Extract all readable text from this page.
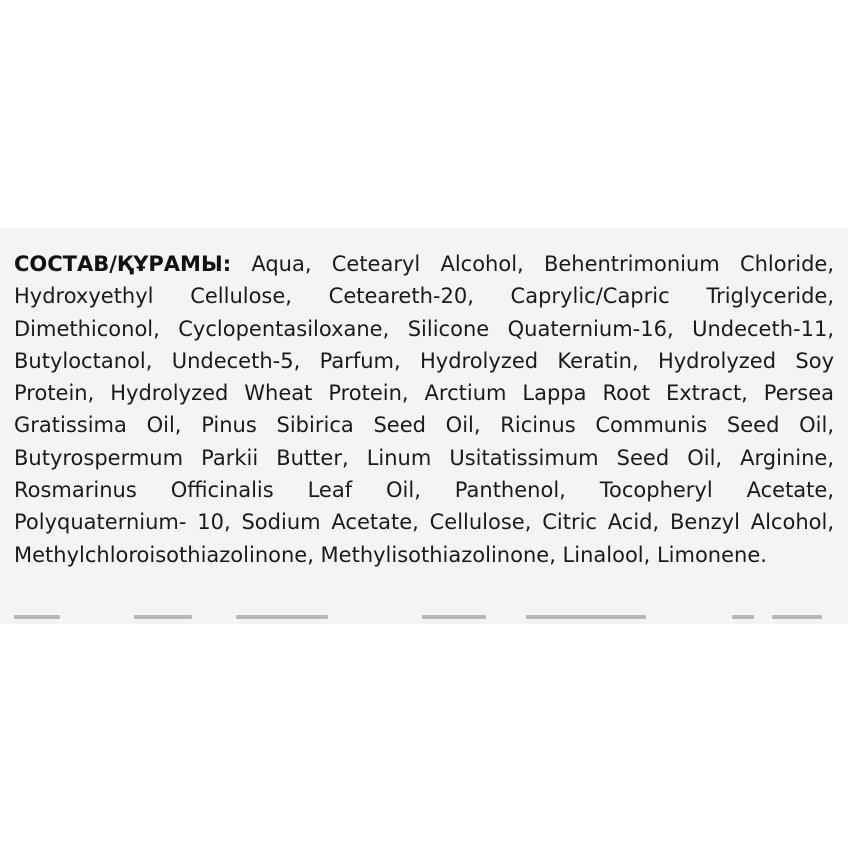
СОСТАВ/ҚҰРАМЫ: Aqua, Cetearyl Alcohol, Behentrimonium Chloride, Hydroxyethyl Cellulose, Ceteareth-20, Caprylic/Capric Triglyceride, Dimethiconol, Cyclopentasiloxane, Silicone Quaternium-16, Undeceth-11, Butyloctanol, Undeceth-5, Parfum, Hydrolyzed Keratin, Hydrolyzed Soy Protein, Hydrolyzed Wheat Protein, Arctium Lappa Root Extract, Persea Gratissima Oil, Pinus Sibirica Seed Oil, Ricinus Communis Seed Oil, Butyrospermum Parkii Butter, Linum Usitatissimum Seed Oil, Arginine, Rosmarinus Officinalis Leaf Oil, Panthenol, Tocopheryl Acetate, Polyquaternium- 10, Sodium Acetate, Cellulose, Citric Acid, Benzyl Alcohol, Methylchloroisothiazolinone, Methylisothiazolinone, Linalool, Limonene.
